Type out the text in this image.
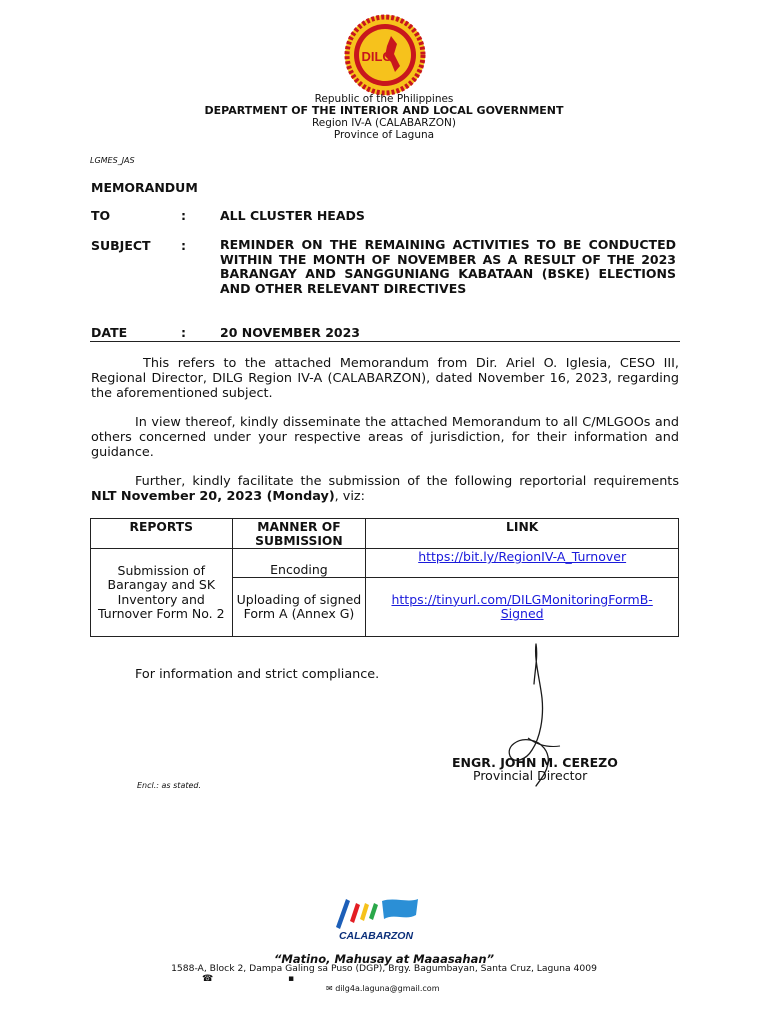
DILG
Republic of the Philippines
DEPARTMENT OF THE INTERIOR AND LOCAL GOVERNMENT
Region IV-A (CALABARZON)
Province of Laguna
LGMES_JAS
MEMORANDUM
TO	:	ALL CLUSTER HEADS
SUBJECT :	REMINDER ON THE REMAINING ACTIVITIES TO BE CONDUCTED WITHIN THE MONTH OF NOVEMBER AS A RESULT OF THE 2023 BARANGAY AND SANGGUNIANG KABATAAN (BSKE) ELECTIONS AND OTHER RELEVANT DIRECTIVES
DATE	:	20 NOVEMBER 2023
This refers to the attached Memorandum from Dir. Ariel O. Iglesia, CESO III, Regional Director, DILG Region IV-A (CALABARZON), dated November 16, 2023, regarding the aforementioned subject.
In view thereof, kindly disseminate the attached Memorandum to all C/MLGOOs and others concerned under your respective areas of jurisdiction, for their information and guidance.
Further, kindly facilitate the submission of the following reportorial requirements NLT November 20, 2023 (Monday), viz:
REPORTS	MANNER OF SUBMISSION	LINK
Submission of Barangay and SK Inventory and Turnover Form No. 2	Encoding	https://bit.ly/RegionIV-A_Turnover
	Uploading of signed Form A (Annex G)	https://tinyurl.com/DILGMonitoringFormB-Signed
For information and strict compliance.
ENGR. JOHN M. CEREZO
Provincial Director
Encl.: as stated.
CALABARZON
“Matino, Mahusay at Maaasahan”
1588-A, Block 2, Dampa Galing sa Puso (DGP), Brgy. Bagumbayan, Santa Cruz, Laguna 4009
☎	▪
✉ dilg4a.laguna@gmail.com
